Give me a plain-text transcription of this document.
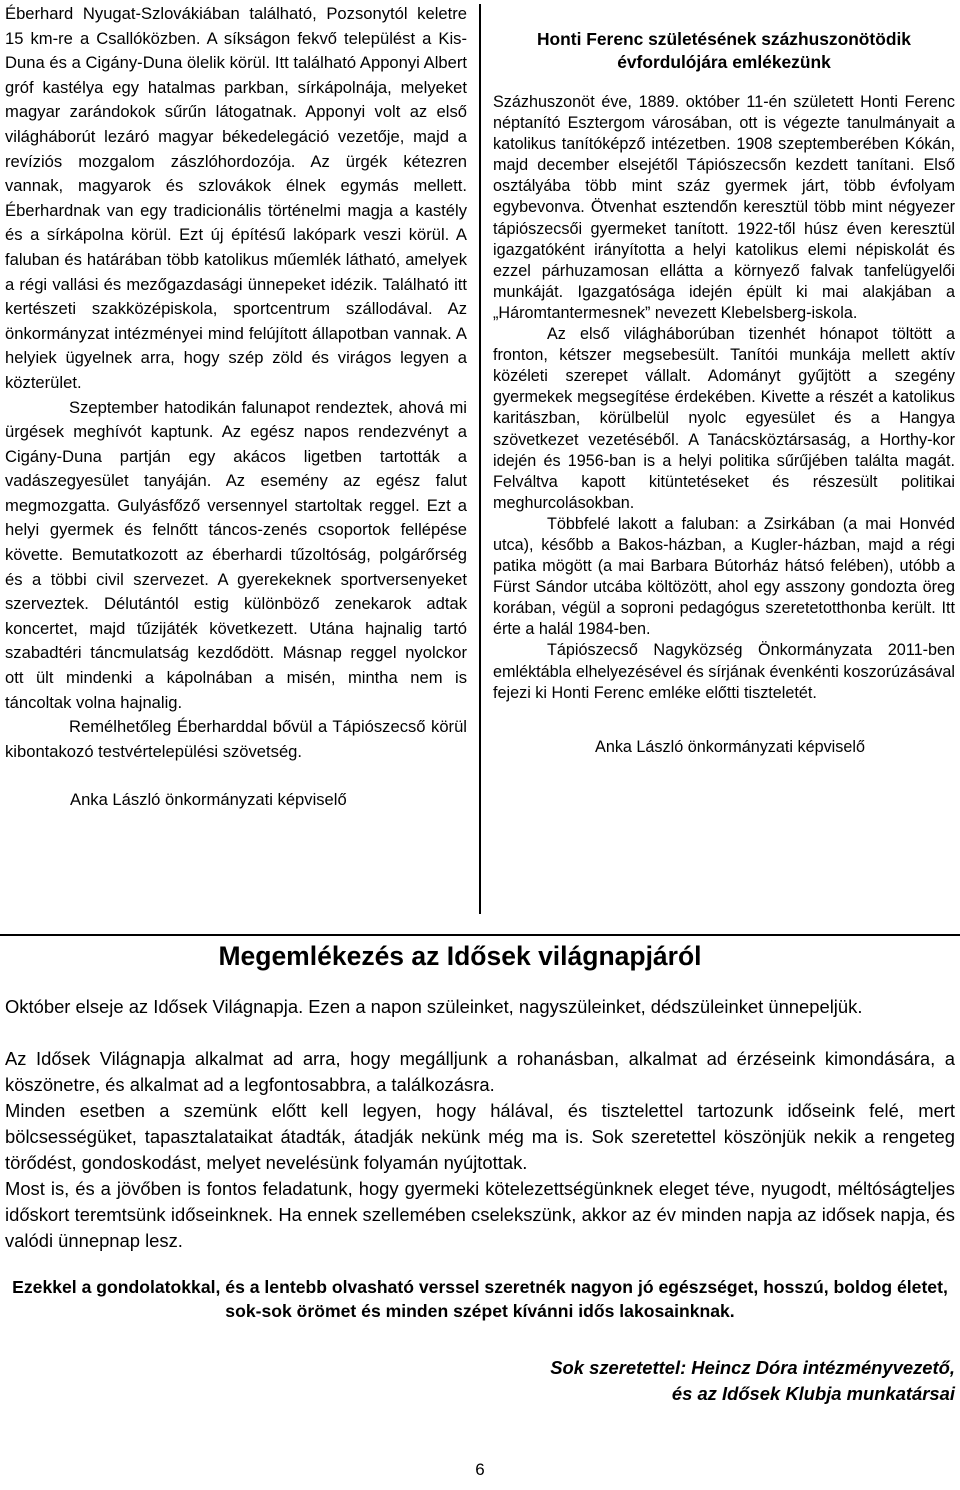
Éberhard Nyugat-Szlovákiában található, Pozsonytól keletre 15 km-re a Csallóközben. A síkságon fekvő települést a Kis-Duna és a Cigány-Duna ölelik körül. Itt található Apponyi Albert gróf kastélya egy hatalmas parkban, sírkápolnája, melyeket magyar zarándokok sűrűn látogatnak. Apponyi volt az első világháborút lezáró magyar békedelegáció vezetője, majd a revíziós mozgalom zászlóhordozója. Az ürgék kétezren vannak, magyarok és szlovákok élnek egymás mellett. Éberhardnak van egy tradicionális történelmi magja a kastély és a sírkápolna körül. Ezt új építésű lakópark veszi körül. A faluban és határában több katolikus műemlék látható, amelyek a régi vallási és mezőgazdasági ünnepeket idézik. Található itt kertészeti szakközépiskola, sportcentrum szállodával. Az önkormányzat intézményei mind felújított állapotban vannak. A helyiek ügyelnek arra, hogy szép zöld és virágos legyen a közterület.

Szeptember hatodikán falunapot rendeztek, ahová mi ürgések meghívót kaptunk. Az egész napos rendezvényt a Cigány-Duna partján egy akácos ligetben tartották a vadászegyesület tanyáján. Az esemény az egész falut megmozgatta. Gulyásfőző versennyel startoltak reggel. Ezt a helyi gyermek és felnőtt táncos-zenés csoportok fellépése követte. Bemutatkozott az éberhardi tűzoltóság, polgárőrség és a többi civil szervezet. A gyerekeknek sportversenyeket szerveztek. Délutántól estig különböző zenekarok adtak koncertet, majd tűzijáték következett. Utána hajnalig tartó szabadtéri táncmulatság kezdődött. Másnap reggel nyolckor ott ült mindenki a kápolnában a misén, mintha nem is táncoltak volna hajnalig.

Remélhetőleg Éberharddal bővül a Tápiószecső körül kibontakozó testvértelepülési szövetség.

Anka László önkormányzati képviselő
Honti Ferenc születésének százhuszonötödik évfordulójára emlékezünk

Százhuszonöt éve, 1889. október 11-én született Honti Ferenc néptanító Esztergom városában, ott is végezte tanulmányait a katolikus tanítóképző intézetben. 1908 szeptemberében Kókán, majd december elsejétől Tápiószecsőn kezdett tanítani. Első osztályába több mint száz gyermek járt, több évfolyam egybevonva. Ötvenhat esztendőn keresztül több mint négyezer tápiószecsői gyermeket tanított. 1922-től húsz éven keresztül igazgatóként irányította a helyi katolikus elemi népiskolát és ezzel párhuzamosan ellátta a környező falvak tanfelügyelői munkáját. Igazgatósága idején épült ki mai alakjában a „Háromtantermesnek” nevezett Klebelsberg-iskola.

Az első világháborúban tizenhét hónapot töltött a fronton, kétszer megsebesült. Tanítói munkája mellett aktív közéleti szerepet vállalt. Adományt gyűjtött a szegény gyermekek megsegítése érdekében. Kivette a részét a katolikus karitászban, körülbelül nyolc egyesület és a Hangya szövetkezet vezetéséből. A Tanácsköztársaság, a Horthy-kor idején és 1956-ban is a helyi politika sűrűjében találta magát. Felváltva kapott kitüntetéseket és részesült politikai meghurcolásokban.

Többfelé lakott a faluban: a Zsirkában (a mai Honvéd utca), később a Bakos-házban, a Kugler-házban, majd a régi patika mögött (a mai Barbara Bútorház hátsó felében), utóbb a Fürst Sándor utcába költözött, ahol egy asszony gondozta öreg korában, végül a soproni pedagógus szeretetotthonba került. Itt érte a halál 1984-ben.

Tápiószecső Nagyközség Önkormányzata 2011-ben emléktábla elhelyezésével és sírjának évenkénti koszorúzásával fejezi ki Honti Ferenc emléke előtti tiszteletét.

Anka László önkormányzati képviselő
Megemlékezés az Idősek világnapjáról

Október elseje az Idősek Világnapja. Ezen a napon szüleinket, nagyszüleinket, dédszüleinket ünnepeljük.

Az Idősek Világnapja alkalmat ad arra, hogy megálljunk a rohanásban, alkalmat ad érzéseink kimondására, a köszönetre, és alkalmat ad a legfontosabbra, a találkozásra.

Minden esetben a szemünk előtt kell legyen, hogy hálával, és tisztelettel tartozunk időseink felé, mert bölcsességüket, tapasztalataikat átadták, átadják nekünk még ma is. Sok szeretettel köszönjük nekik a rengeteg törődést, gondoskodást, melyet nevelésünk folyamán nyújtottak.

Most is, és a jövőben is fontos feladatunk, hogy gyermeki kötelezettségünknek eleget téve, nyugodt, méltóságteljes időskort teremtsünk időseinknek. Ha ennek szellemében cselekszünk, akkor az év minden napja az idősek napja, és valódi ünnepnap lesz.

Ezekkel a gondolatokkal, és a lentebb olvasható verssel szeretnék nagyon jó egészséget, hosszú, boldog életet, sok-sok örömet és minden szépet kívánni idős lakosainknak.

Sok szeretettel: Heincz Dóra intézményvezető,
és az Idősek Klubja munkatársai

6
